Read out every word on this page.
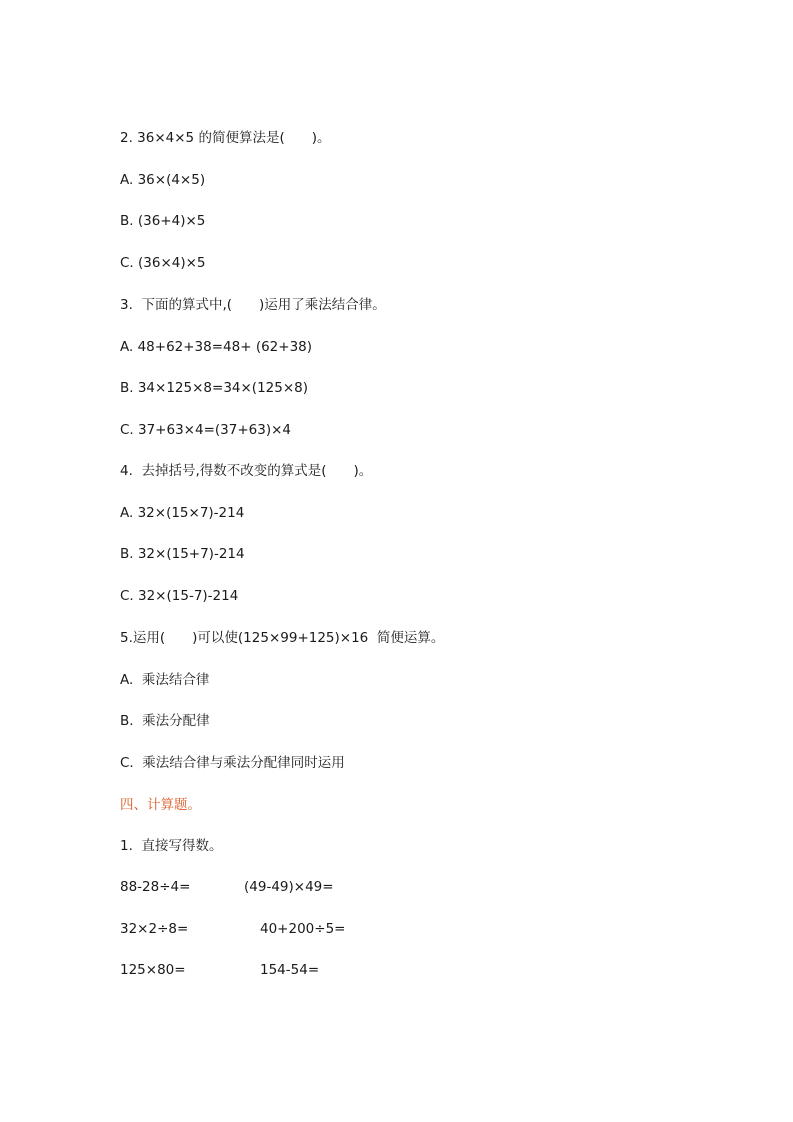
2. 36×4×5 的简便算法是(　　)。
A. 36×(4×5)
B. (36+4)×5
C. (36×4)×5
3.  下面的算式中,(　　)运用了乘法结合律。
A. 48+62+38=48+ (62+38)
B. 34×125×8=34×(125×8)
C. 37+63×4=(37+63)×4
4.  去掉括号,得数不改变的算式是(　　)。
A. 32×(15×7)-214
B. 32×(15+7)-214
C. 32×(15-7)-214
5.运用(　　)可以使(125×99+125)×16  简便运算。
A.  乘法结合律
B.  乘法分配律
C.  乘法结合律与乘法分配律同时运用
四、计算题。
1.  直接写得数。
88-28÷4=	(49-49)×49=
32×2÷8=	40+200÷5=
125×80=	154-54=
